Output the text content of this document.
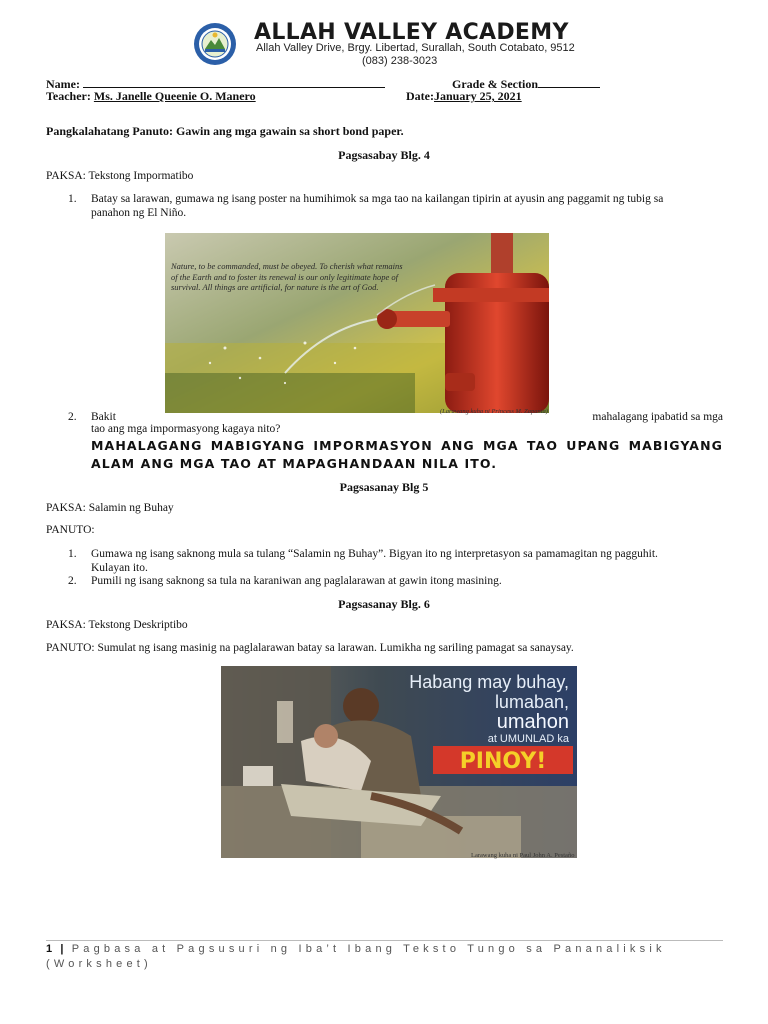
ALLAH VALLEY ACADEMY
Allah Valley Drive, Brgy. Libertad, Surallah, South Cotabato, 9512
(083) 238-3023
Name:	Grade & Section
Teacher: Ms. Janelle Queenie O. Manero	Date:January 25, 2021
Pangkalahatang Panuto: Gawin ang mga gawain sa short bond paper.
Pagsasabay Blg. 4
PAKSA: Tekstong Impormatibo
1. Batay sa larawan, gumawa ng isang poster na humihimok sa mga tao na kailangan tipirin at ayusin ang paggamit ng tubig sa
panahon ng El Niño.
Nature, to be commanded, must be obeyed. To cherish what remains of the Earth and to foster its renewal is our only legitimate hope of survival. All things are artificial, for nature is the art of God.
(Larawang kuha ni Princess M. Zapanta)
2. Bakit	mahalagang ipabatid sa mga
tao ang mga impormasyong kagaya nito?
MAHALAGANG MABIGYANG IMPORMASYON ANG MGA TAO UPANG MABIGYANG ALAM ANG MGA TAO AT MAPAGHANDAAN NILA ITO.
Pagsasanay Blg 5
PAKSA: Salamin ng Buhay
PANUTO:
1. Gumawa ng isang saknong mula sa tulang “Salamin ng Buhay”. Bigyan ito ng interpretasyon sa pamamagitan ng pagguhit.
Kulayan ito.
2. Pumili ng isang saknong sa tula na karaniwan ang paglalarawan at gawin itong masining.
Pagsasanay Blg. 6
PAKSA: Tekstong Deskriptibo
PANUTO: Sumulat ng isang masinig na paglalarawan batay sa larawan. Lumikha ng sariling pamagat sa sanaysay.
Habang may buhay,
lumaban,
umahon
at UMUNLAD ka
PINOY!
Larawang kuha ni Paul John A. Pestaño
1 | Pagbasa at Pagsusuri ng Iba’t Ibang Teksto Tungo sa Pananaliksik (Worksheet)
